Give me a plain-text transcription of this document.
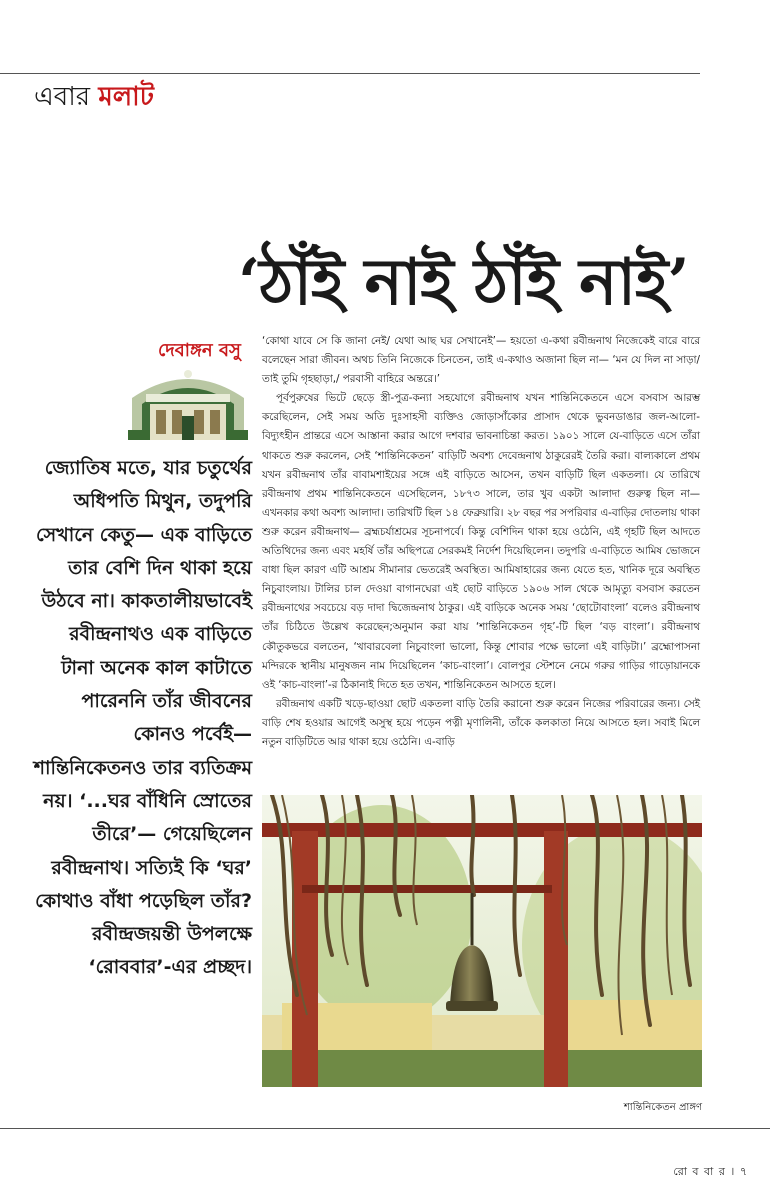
এবার মলাট
‘ঠাঁই নাই ঠাঁই নাই’
দেবাঙ্গন বসু

জ্যোতিষ মতে, যার চতুর্থের অধিপতি মিথুন, তদুপরি সেখানে কেতু— এক বাড়িতে তার বেশি দিন থাকা হয়ে উঠবে না। কাকতালীয়ভাবেই রবীন্দ্রনাথও এক বাড়িতে টানা অনেক কাল কাটাতে পারেননি তাঁর জীবনের কোনও পর্বেই— শান্তিনিকেতনও তার ব্যতিক্রম নয়। ‘...ঘর বাঁধিনি স্রোতের তীরে’— গেয়েছিলেন রবীন্দ্রনাথ। সত্যিই কি ‘ঘর’ কোথাও বাঁধা পড়েছিল তাঁর? রবীন্দ্রজয়ন্তী উপলক্ষে ‘রোববার’-এর প্রচ্ছদ।

‘কোথা যাবে সে কি জানা নেই/ যেথা আছ ঘর সেখানেই’— হয়তো এ-কথা রবীন্দ্রনাথ নিজেকেই বারে বারে বলেছেন সারা জীবন। অথচ তিনি নিজেকে চিনতেন, তাই এ-কথাও অজানা ছিল না— ‘মন যে দিল না সাড়া/ তাই তুমি গৃহছাড়া,/ পরবাসী বাহিরে অন্তরে।’

পূর্বপুরুষের ভিটে ছেড়ে স্ত্রী-পুত্র-কন্যা সহযোগে রবীন্দ্রনাথ যখন শান্তিনিকেতনে এসে বসবাস আরম্ভ করেছিলেন, সেই সময় অতি দুঃসাহসী ব্যক্তিও জোড়াসাঁকোর প্রাসাদ থেকে ভুবনডাঙার জল-আলো-বিদ্যুৎহীন প্রান্তরে এসে আস্তানা করার আগে দশবার ভাবনাচিন্তা করত। ১৯০১ সালে যে-বাড়িতে এসে তাঁরা থাকতে শুরু করলেন, সেই ‘শান্তিনিকেতন’ বাড়িটি অবশ্য দেবেন্দ্রনাথ ঠাকুরেরই তৈরি করা। বাল্যকালে প্রথম যখন রবীন্দ্রনাথ তাঁর বাবামশাইয়ের সঙ্গে এই বাড়িতে আসেন, তখন বাড়িটি ছিল একতলা। যে তারিখে রবীন্দ্রনাথ প্রথম শান্তিনিকেতনে এসেছিলেন, ১৮৭৩ সালে, তার খুব একটা আলাদা গুরুত্ব ছিল না— এখনকার কথা অবশ্য আলাদা। তারিখটি ছিল ১৪ ফেব্রুয়ারি। ২৮ বছর পর সপরিবার এ-বাড়ির দোতলায় থাকা শুরু করেন রবীন্দ্রনাথ— ব্রহ্মচর্যাশ্রমের সূচনাপর্বে। কিন্তু বেশিদিন থাকা হয়ে ওঠেনি, এই গৃহটি ছিল আদতে অতিথিদের জন্য এবং মহর্ষি তাঁর অছিপত্রে সেরকমই নির্দেশ দিয়েছিলেন। তদুপরি এ-বাড়িতে আমিষ ভোজনে বাধা ছিল কারণ এটি আশ্রম সীমানার ভেতরেই অবস্থিত। আমিষাহারের জন্য যেতে হত, খানিক দূরে অবস্থিত নিচুবাংলায়। টালির চাল দেওয়া বাগানঘেরা এই ছোট বাড়িতে ১৯০৬ সাল থেকে আমৃত্যু বসবাস করতেন রবীন্দ্রনাথের সবচেয়ে বড় দাদা দ্বিজেন্দ্রনাথ ঠাকুর। এই বাড়িকে অনেক সময় ‘ছোটোবাংলা’ বলেও রবীন্দ্রনাথ তাঁর চিঠিতে উল্লেখ করেছেন;অনুমান করা যায় ‘শান্তিনিকেতন গৃহ’-টি ছিল ‘বড় বাংলা’। রবীন্দ্রনাথ কৌতুকভরে বলতেন, ‘খাবারবেলা নিচুবাংলা ভালো, কিন্তু শোবার পক্ষে ভালো এই বাড়িটা।’ ব্রহ্মোপাসনা মন্দিরকে স্থানীয় মানুষজন নাম দিয়েছিলেন ‘কাচ-বাংলা’। বোলপুর স্টেশনে নেমে গরুর গাড়ির গাড়োয়ানকে ওই ‘কাচ-বাংলা’-র ঠিকানাই দিতে হত তখন, শান্তিনিকেতন আসতে হলে।

রবীন্দ্রনাথ একটি খড়ে-ছাওয়া ছোট একতলা বাড়ি তৈরি করানো শুরু করেন নিজের পরিবারের জন্য। সেই বাড়ি শেষ হওয়ার আগেই অসুস্থ হয়ে পড়েন পত্নী মৃণালিনী, তাঁকে কলকাতা নিয়ে আসতে হল। সবাই মিলে নতুন বাড়িটিতে আর থাকা হয়ে ওঠেনি। এ-বাড়ি

শান্তিনিকেতন প্রাঙ্গণ
রো ব বা র । ৭
